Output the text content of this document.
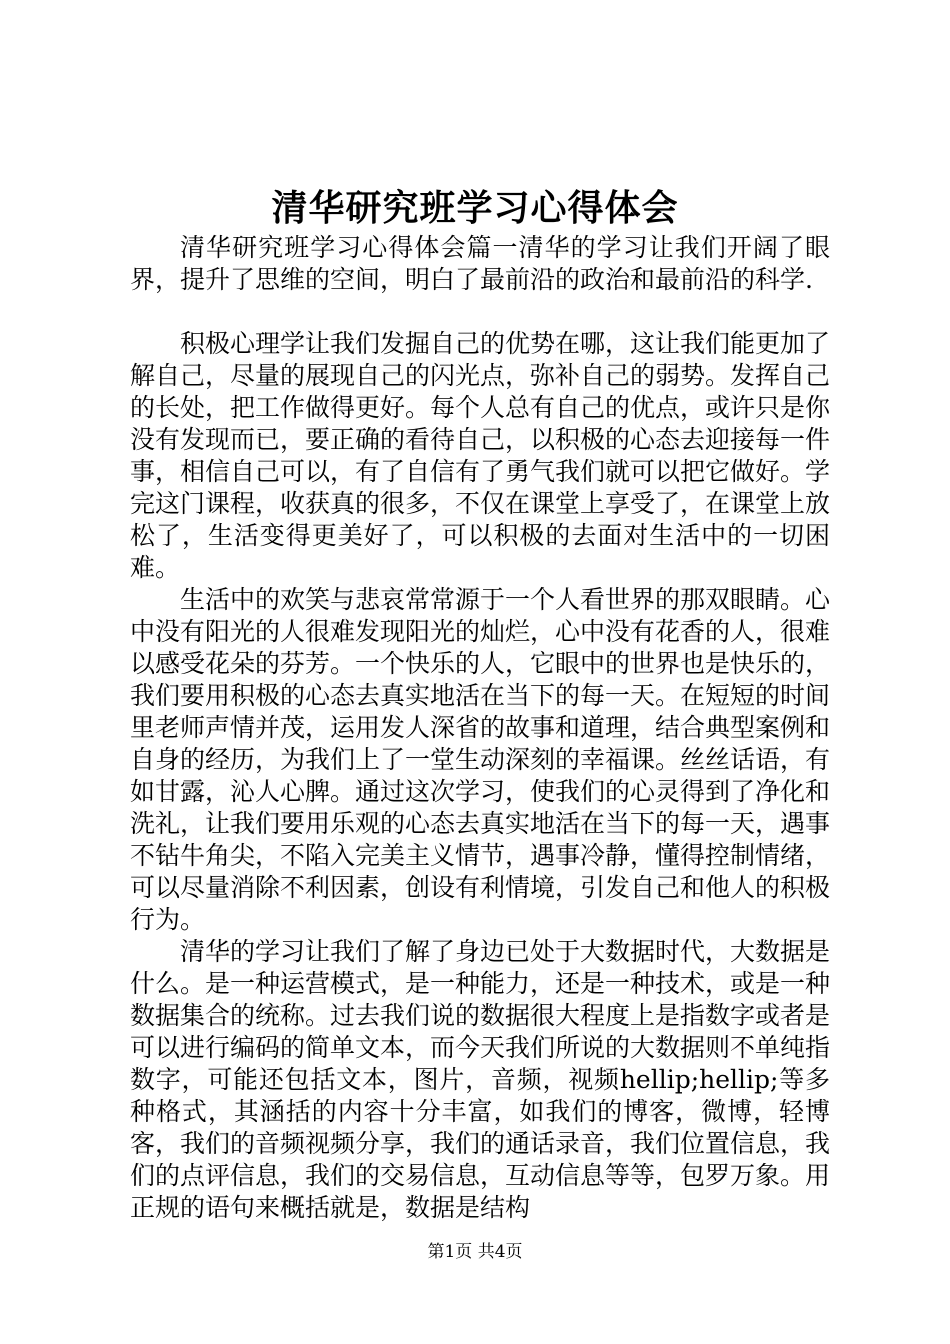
清华研究班学习心得体会

清华研究班学习心得体会篇一清华的学习让我们开阔了眼界，提升了思维的空间，明白了最前沿的政治和最前沿的科学.

积极心理学让我们发掘自己的优势在哪，这让我们能更加了解自己，尽量的展现自己的闪光点，弥补自己的弱势。发挥自己的长处，把工作做得更好。每个人总有自己的优点，或许只是你没有发现而已，要正确的看待自己，以积极的心态去迎接每一件事，相信自己可以，有了自信有了勇气我们就可以把它做好。学完这门课程，收获真的很多，不仅在课堂上享受了，在课堂上放松了，生活变得更美好了，可以积极的去面对生活中的一切困难。

生活中的欢笑与悲哀常常源于一个人看世界的那双眼睛。心中没有阳光的人很难发现阳光的灿烂，心中没有花香的人，很难以感受花朵的芬芳。一个快乐的人，它眼中的世界也是快乐的，我们要用积极的心态去真实地活在当下的每一天。在短短的时间里老师声情并茂，运用发人深省的故事和道理，结合典型案例和自身的经历，为我们上了一堂生动深刻的幸福课。丝丝话语，有如甘露，沁人心脾。通过这次学习，使我们的心灵得到了净化和洗礼，让我们要用乐观的心态去真实地活在当下的每一天，遇事不钻牛角尖，不陷入完美主义情节，遇事冷静，懂得控制情绪，可以尽量消除不利因素，创设有利情境，引发自己和他人的积极行为。

清华的学习让我们了解了身边已处于大数据时代，大数据是什么。是一种运营模式，是一种能力，还是一种技术，或是一种数据集合的统称。过去我们说的数据很大程度上是指数字或者是可以进行编码的简单文本，而今天我们所说的大数据则不单纯指数字，可能还包括文本，图片，音频，视频hellip;hellip;等多种格式，其涵括的内容十分丰富，如我们的博客，微博，轻博客，我们的音频视频分享，我们的通话录音，我们位置信息，我们的点评信息，我们的交易信息，互动信息等等，包罗万象。用正规的语句来概括就是，数据是结构

第1页 共4页
